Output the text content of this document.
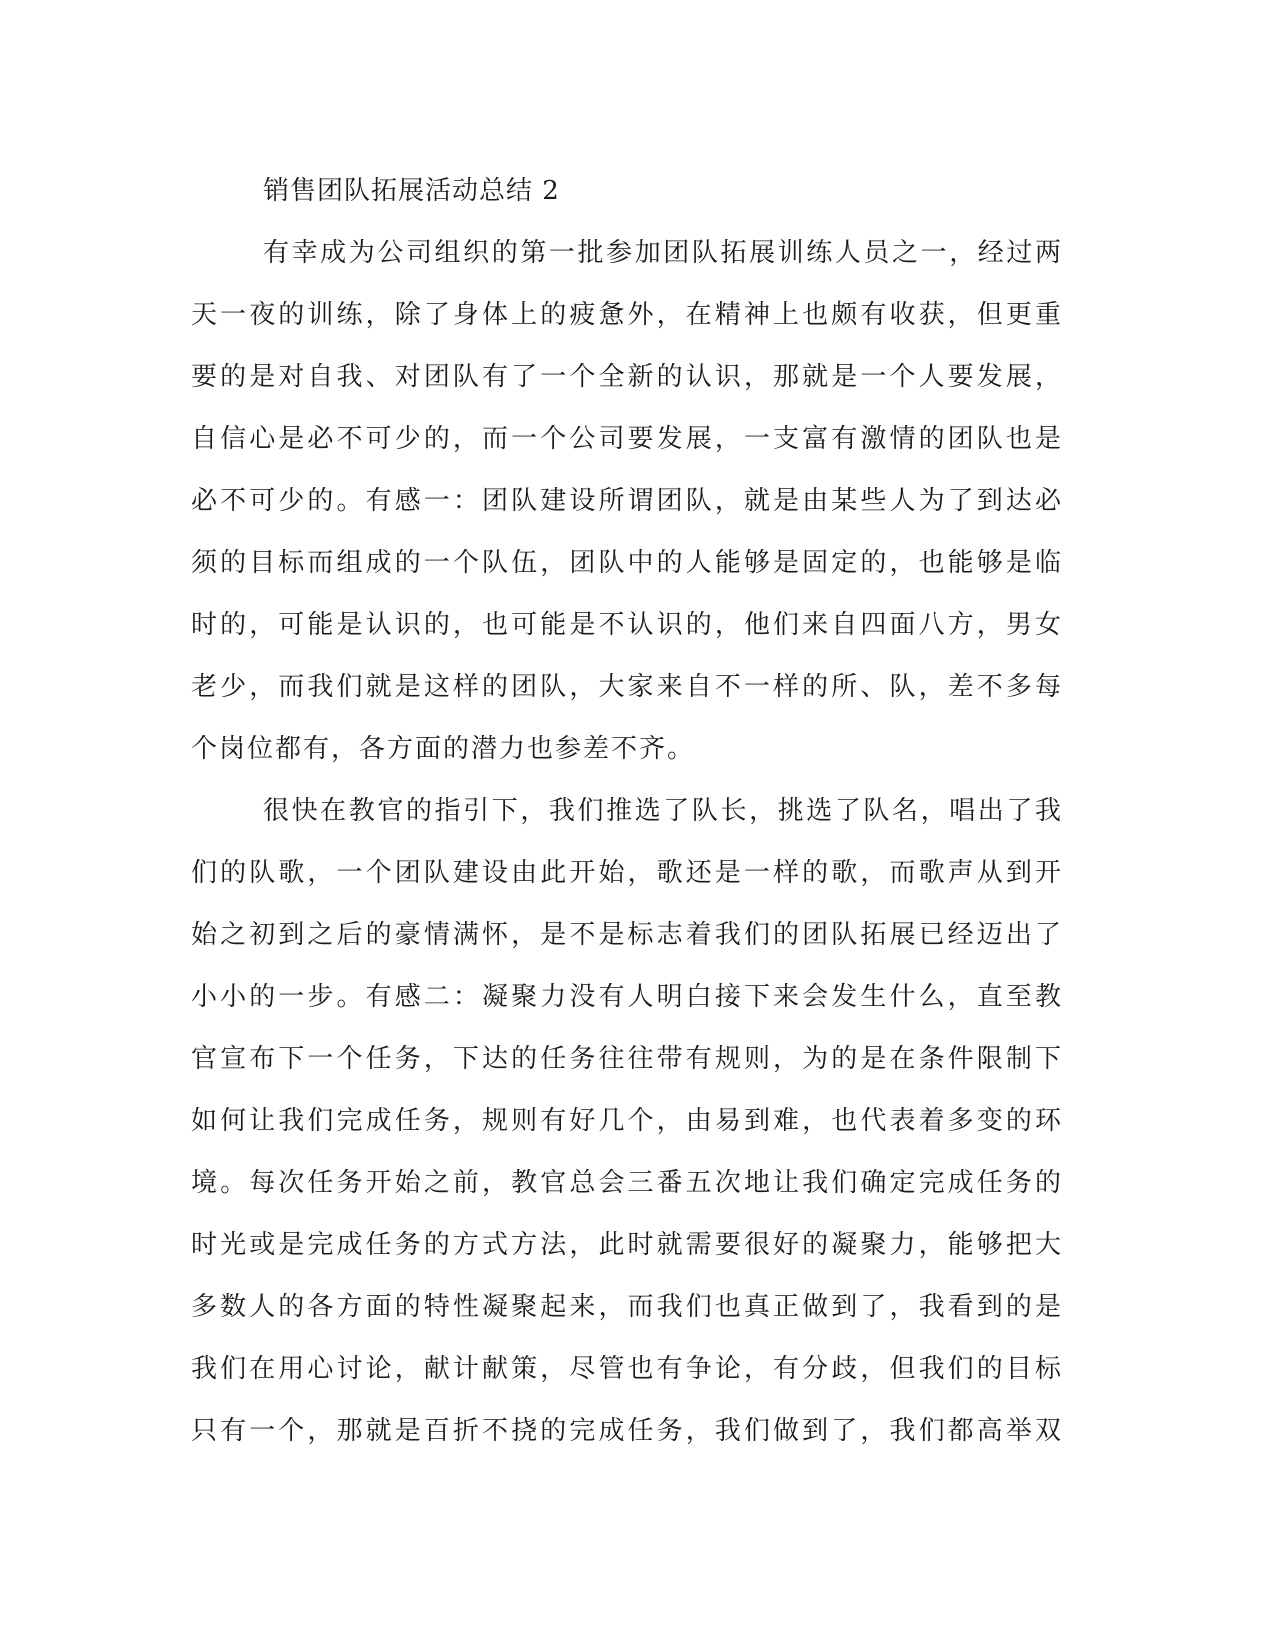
销售团队拓展活动总结 2
有幸成为公司组织的第一批参加团队拓展训练人员之一，经过两
天一夜的训练，除了身体上的疲惫外，在精神上也颇有收获，但更重
要的是对自我、对团队有了一个全新的认识，那就是一个人要发展，
自信心是必不可少的，而一个公司要发展，一支富有激情的团队也是
必不可少的。有感一：团队建设所谓团队，就是由某些人为了到达必
须的目标而组成的一个队伍，团队中的人能够是固定的，也能够是临
时的，可能是认识的，也可能是不认识的，他们来自四面八方，男女
老少，而我们就是这样的团队，大家来自不一样的所、队，差不多每
个岗位都有，各方面的潜力也参差不齐。
很快在教官的指引下，我们推选了队长，挑选了队名，唱出了我
们的队歌，一个团队建设由此开始，歌还是一样的歌，而歌声从到开
始之初到之后的豪情满怀，是不是标志着我们的团队拓展已经迈出了
小小的一步。有感二：凝聚力没有人明白接下来会发生什么，直至教
官宣布下一个任务，下达的任务往往带有规则，为的是在条件限制下
如何让我们完成任务，规则有好几个，由易到难，也代表着多变的环
境。每次任务开始之前，教官总会三番五次地让我们确定完成任务的
时光或是完成任务的方式方法，此时就需要很好的凝聚力，能够把大
多数人的各方面的特性凝聚起来，而我们也真正做到了，我看到的是
我们在用心讨论，献计献策，尽管也有争论，有分歧，但我们的目标
只有一个，那就是百折不挠的完成任务，我们做到了，我们都高举双
